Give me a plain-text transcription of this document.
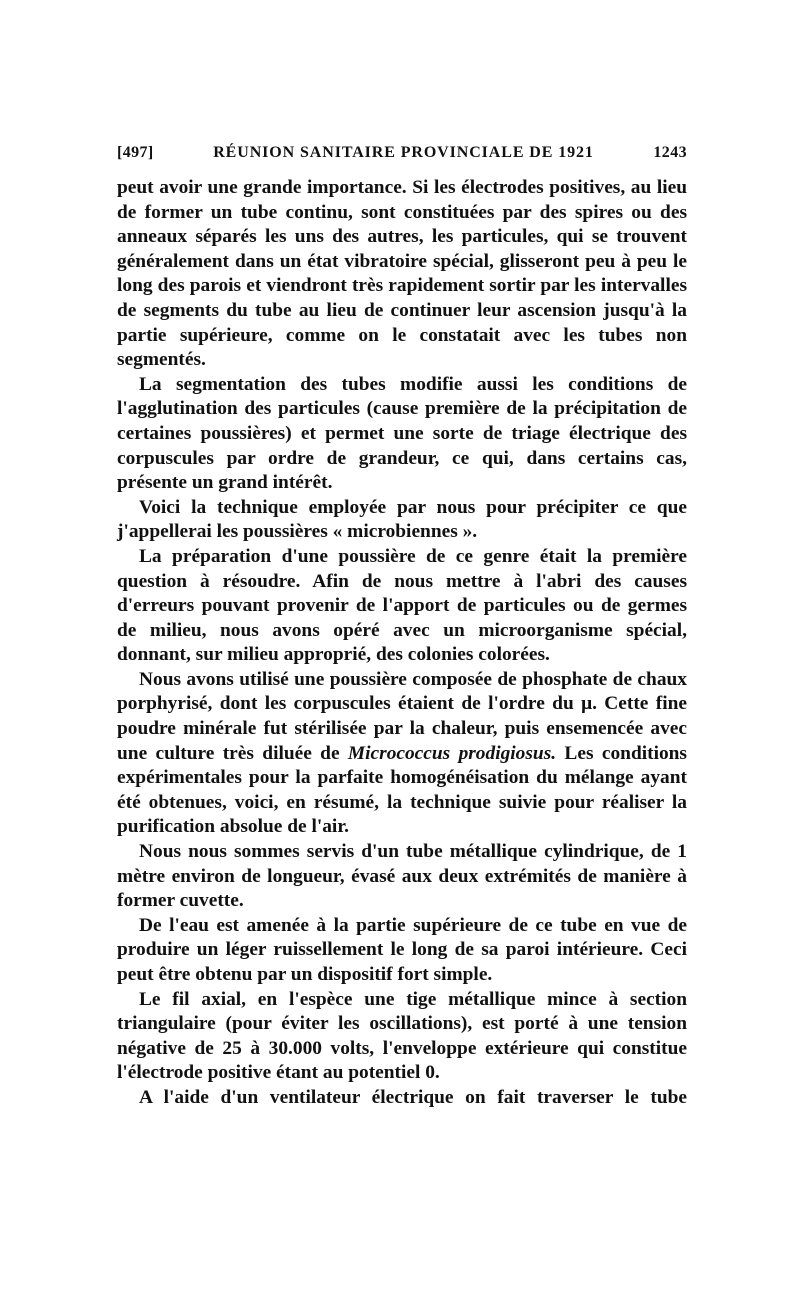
[497]	RÉUNION SANITAIRE PROVINCIALE DE 1921	1243

peut avoir une grande importance. Si les électrodes positives, au lieu de former un tube continu, sont constituées par des spires ou des anneaux séparés les uns des autres, les particules, qui se trouvent généralement dans un état vibratoire spécial, glisseront peu à peu le long des parois et viendront très rapidement sortir par les intervalles de segments du tube au lieu de continuer leur ascension jusqu'à la partie supérieure, comme on le constatait avec les tubes non segmentés.

La segmentation des tubes modifie aussi les conditions de l'agglutination des particules (cause première de la précipitation de certaines poussières) et permet une sorte de triage électrique des corpuscules par ordre de grandeur, ce qui, dans certains cas, présente un grand intérêt.

Voici la technique employée par nous pour précipiter ce que j'appellerai les poussières « microbiennes ».

La préparation d'une poussière de ce genre était la première question à résoudre. Afin de nous mettre à l'abri des causes d'erreurs pouvant provenir de l'apport de particules ou de germes de milieu, nous avons opéré avec un microorganisme spécial, donnant, sur milieu approprié, des colonies colorées.

Nous avons utilisé une poussière composée de phosphate de chaux porphyrisé, dont les corpuscules étaient de l'ordre du μ. Cette fine poudre minérale fut stérilisée par la chaleur, puis ensemencée avec une culture très diluée de Micrococcus prodigiosus. Les conditions expérimentales pour la parfaite homogénéisation du mélange ayant été obtenues, voici, en résumé, la technique suivie pour réaliser la purification absolue de l'air.

Nous nous sommes servis d'un tube métallique cylindrique, de 1 mètre environ de longueur, évasé aux deux extrémités de manière à former cuvette.

De l'eau est amenée à la partie supérieure de ce tube en vue de produire un léger ruissellement le long de sa paroi intérieure. Ceci peut être obtenu par un dispositif fort simple.

Le fil axial, en l'espèce une tige métallique mince à section triangulaire (pour éviter les oscillations), est porté à une tension négative de 25 à 30.000 volts, l'enveloppe extérieure qui constitue l'électrode positive étant au potentiel 0.

A l'aide d'un ventilateur électrique on fait traverser le tube
